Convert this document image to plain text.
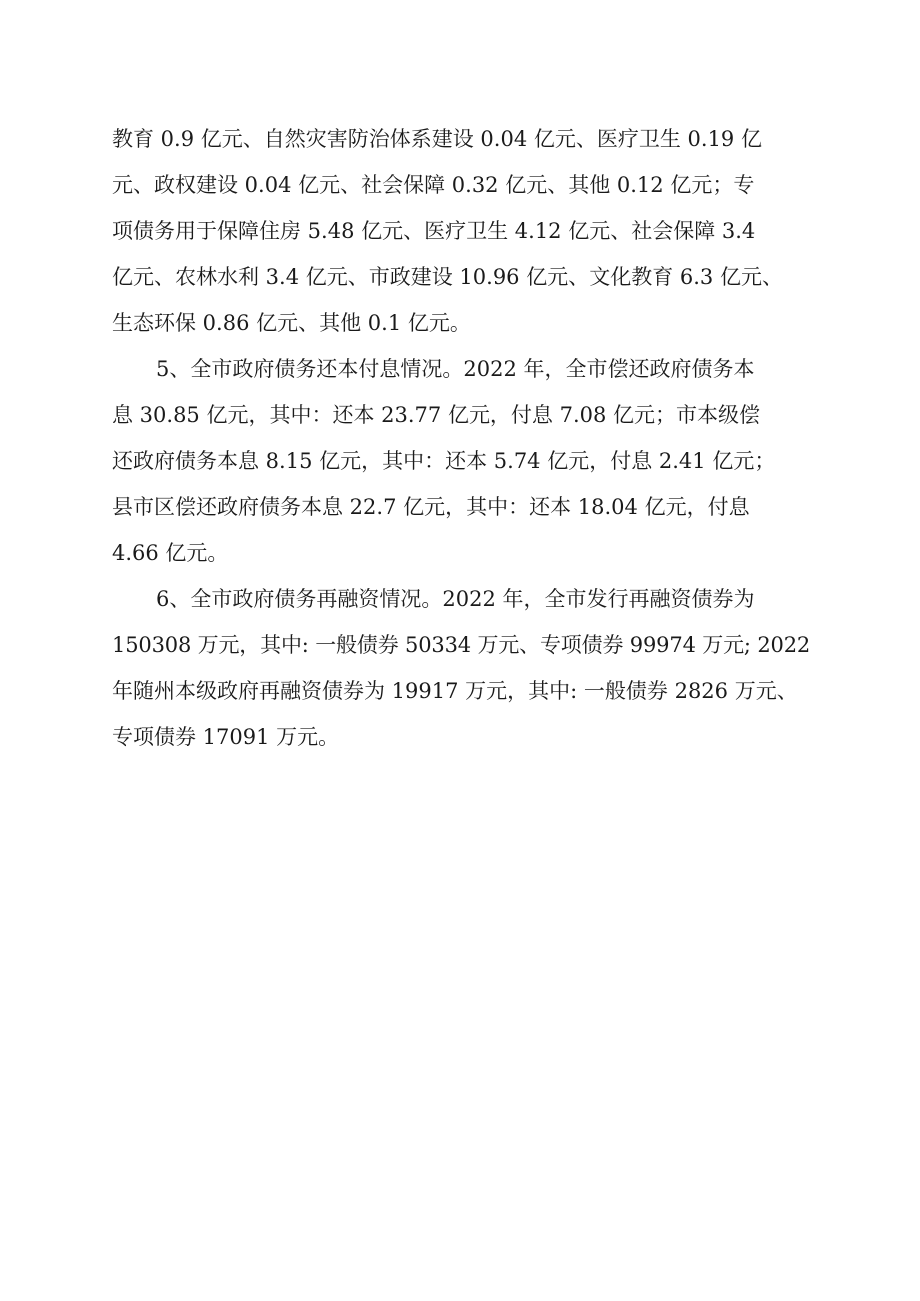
教育 0.9 亿元、自然灾害防治体系建设 0.04 亿元、医疗卫生 0.19 亿
元、政权建设 0.04 亿元、社会保障 0.32 亿元、其他 0.12 亿元；专
项债务用于保障住房 5.48 亿元、医疗卫生 4.12 亿元、社会保障 3.4
亿元、农林水利 3.4 亿元、市政建设 10.96 亿元、文化教育 6.3 亿元、
生态环保 0.86 亿元、其他 0.1 亿元。
5、全市政府债务还本付息情况。2022 年，全市偿还政府债务本
息 30.85 亿元，其中：还本 23.77 亿元，付息 7.08 亿元；市本级偿
还政府债务本息 8.15 亿元，其中：还本 5.74 亿元，付息 2.41 亿元；
县市区偿还政府债务本息 22.7 亿元，其中：还本 18.04 亿元，付息
4.66 亿元。
6、全市政府债务再融资情况。2022 年，全市发行再融资债券为
150308 万元，其中: 一般债券 50334 万元、专项债券 99974 万元; 2022
年随州本级政府再融资债券为 19917 万元，其中: 一般债券 2826 万元、
专项债券 17091 万元。
